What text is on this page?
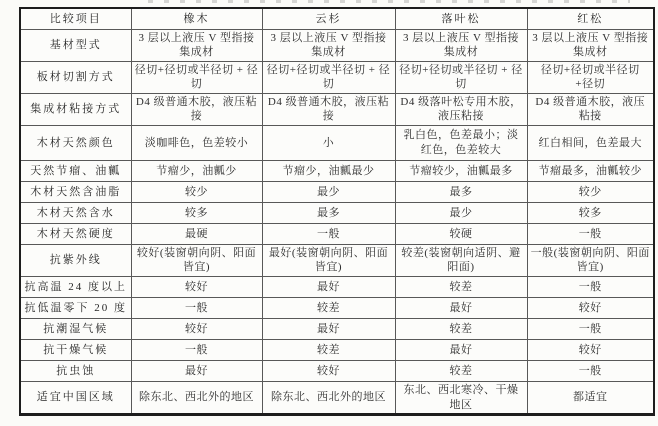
比较项目	橡木	云杉	落叶松	红松
基材型式	3 层以上液压 V 型指接集成材	3 层以上液压 V 型指接集成材	3 层以上液压 V 型指接集成材	3 层以上液压 V 型指接集成材
板材切割方式	径切+径切或半径切 + 径切	径切+径切或半径切 + 径切	径切+径切或半径切 + 径切	径切+径切或半径切 +径切
集成材粘接方式	D4 级普通木胶，液压粘接	D4 级普通木胶，液压粘接	D4 级落叶松专用木胶，液压粘接	D4 级普通木胶，液压粘接
木材天然颜色	淡咖啡色，色差较小	小	乳白色，色差最小；淡红色，色差较大	红白相间，色差最大
天然节瘤、油瓤	节瘤少，油瓤少	节瘤少，油瓤最少	节瘤较少，油瓤最多	节瘤最多，油瓤较少
木材天然含油脂	较少	最少	最多	较少
木材天然含水	较多	最多	最少	较多
木材天然硬度	最硬	一般	较硬	一般
抗紫外线	较好(装窗朝向阴、阳面皆宜)	最好(装窗朝向阴、阳面皆宜)	较差(装窗朝向适阴、避阳面)	一般(装窗朝向阴、阳面皆宜)
抗高温 24 度以上	较好	最好	较差	一般
抗低温零下 20 度	一般	较差	最好	较好
抗潮湿气候	较好	最好	较差	一般
抗干燥气候	一般	较差	最好	较好
抗虫蚀	最好	较好	较差	一般
适宜中国区域	除东北、西北外的地区	除东北、西北外的地区	东北、西北寒冷、干燥地区	都适宜
